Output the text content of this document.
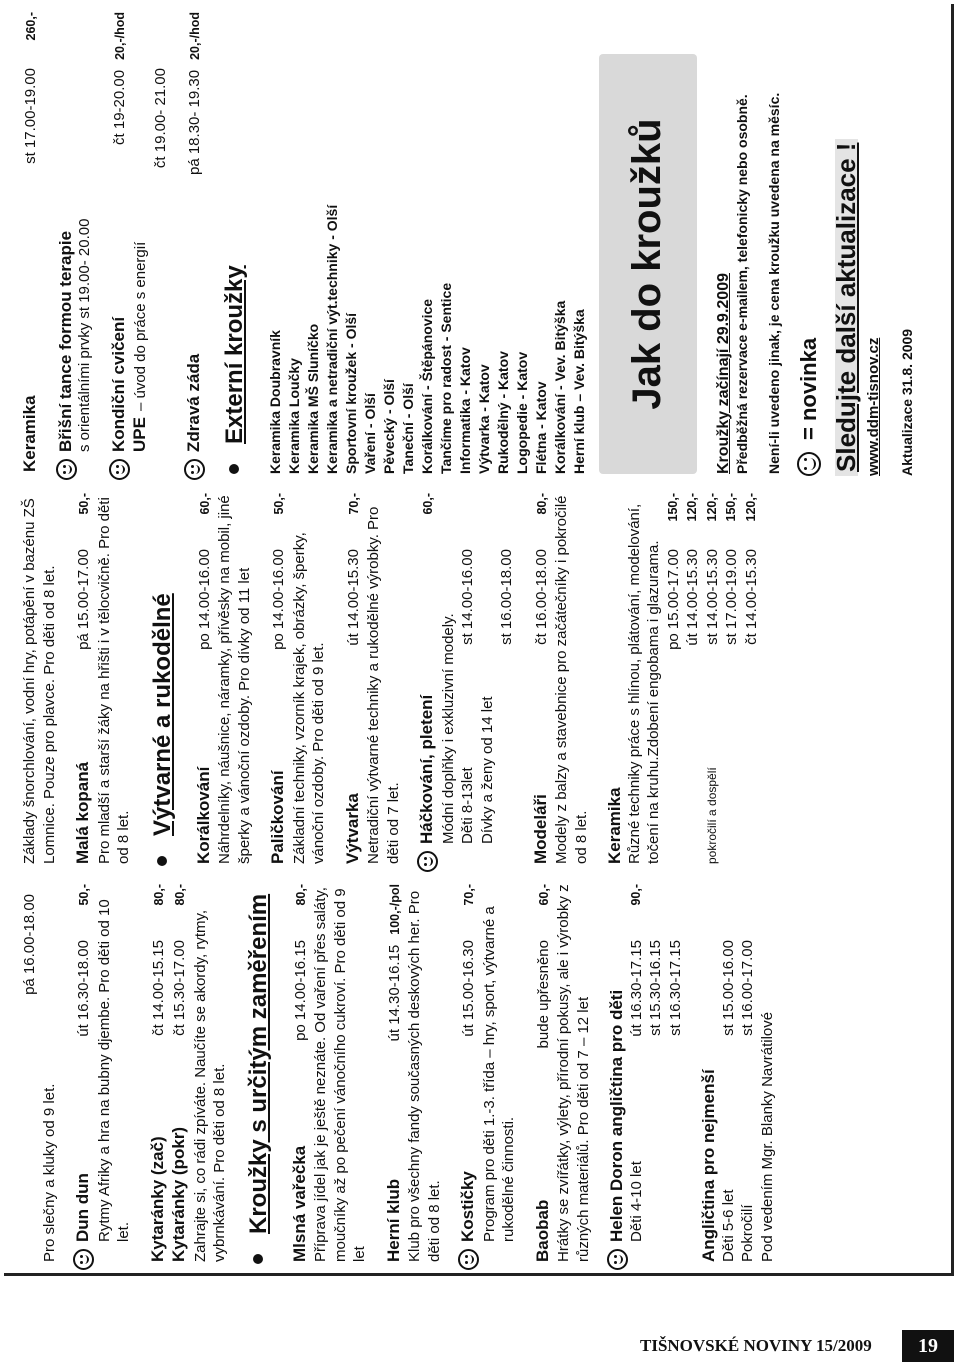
pá 16.00-18.00
Pro slečny a kluky od 9 let. Dun dun
út 16.30-18.00
50,-
Rytmy Afriky a hra na bubny djembe. Pro děti od 10 let. Kytaránky (zač)
čt 14.00-15.15
80,-
Kytaránky (pokr)
čt 15.30-17.00
80,-
Zahrajte si, co rádi zpíváte. Naučíte se akordy, rytmy, vybrnkávání. Pro děti od 8 let. Kroužky s určitým zaměřením Mlsná vařečka
po 14.00-16.15
80,- Příprava jídel jak je ještě neznáte. Od vaření přes saláty, moučníky až po pečení vánočního cukroví. Pro děti od 9 let Herní klub
út 14.30-16.15
100,-/pol Klub pro všechny fandy současných deskových her. Pro děti od 8 let. Kostičky
út 15.00-16.30
70,-
Program pro děti 1.-3. třída – hry, sport, výtvarné a rukodělné činnosti. Baobab
bude upřesněno
60,- Hrátky se zvířátky, výlety, přírodní pokusy, ale i výrobky z různých materiálů. Pro děti od 7 – 12 let Helen Doron angličtina pro děti Děti 4-10 let
út 16.30-17.15
90,-
st 15.30-16.15 st 16.30-17.15
Angličtina pro nejmenší Děti 5-6 let
st 15.00-16.00
Pokročilí
st 16.00-17.00
Pod vedením Mgr. Blanky Navrátilové
Základy šnorchlování, vodní hry, potápění v bazénu ZŠ Lomnice. Pouze pro plavce. Pro děti od 8 let. Malá kopaná
pá 15.00-17.00
50,- Pro mladší a starší žáky na hřišti i v tělocvičně. Pro děti od 8 let.
Výtvarné a rukodělné Korálkování
po 14.00-16.00
60,- Náhrdelníky, náušnice, náramky, přívěsky na mobil, jiné šperky a vánoční ozdoby. Pro dívky od 11 let Paličkování
po 14.00-16.00
50,-
Základní techniky, vzorník krajek, obrázky, šperky, vánoční ozdoby. Pro děti od 9 let. Výtvarka
út 14.00-15.30
70,-
Netradiční výtvarné techniky a rukodělné výrobky. Pro děti od 7 let. Háčkování, pletení
60,-
Módní doplňky i exkluzivní modely. Děti 8-13let
st 14.00-16.00
Dívky a ženy od 14 let
st 16.00-18.00
Modeláři
čt 16.00-18.00
80,- Modely z balzy a stavebnice pro začátečníky i pokročilé od 8 let. Keramika Různé techniky práce s hlínou, plátování, modelování, točení na kruhu.Zdobení engobama i glazurama. po 15.00-17.00
150,-
út 14.00-15.30
120,-
pokročilí a dospělí
st 14.00-15.30
120,-
st 17.00-19.00
150,-
čt 14.00-15.30
120,-
Keramika
st 17.00-19.00
260,-
Břišní tance formou terapie s orientálními prvky st 19.00- 20.00 Kondiční cvičení
čt 19-20.00
20,-/hod
UPE
– úvod do práce s energií
čt 19.00- 21.00
Zdravá záda
pá 18.30- 19.30
20,-/hod
Externí kroužky Keramika Doubravník Keramika Loučky Keramika MŠ Sluníčko Keramika a netradiční výt.techniky - Olší Sportovní kroužek - Olší Vaření - Olší Pěvecký - Olší Taneční - Olší Korálkování - Štěpánovice Tančíme pro radost - Sentice Informatika - Katov Výtvarka - Katov Rukodělný - Katov Logopedie - Katov Flétna - Katov Korálkování - Vev. Bitýška Herní klub – Vev. Bitýška Jak do kroužků	Kroužky začínají 29.9.2009 Předběžná rezervace e-mailem, telefonicky nebo osobně. Není-li uvedeno jinak, je cena kroužku uvedena na měsíc. = novinka Sledujte další aktualizace ! www.ddm-tisnov.cz Aktualizace 31.8. 2009
TIŠNOVSKÉ NOVINY 15/2009	19
